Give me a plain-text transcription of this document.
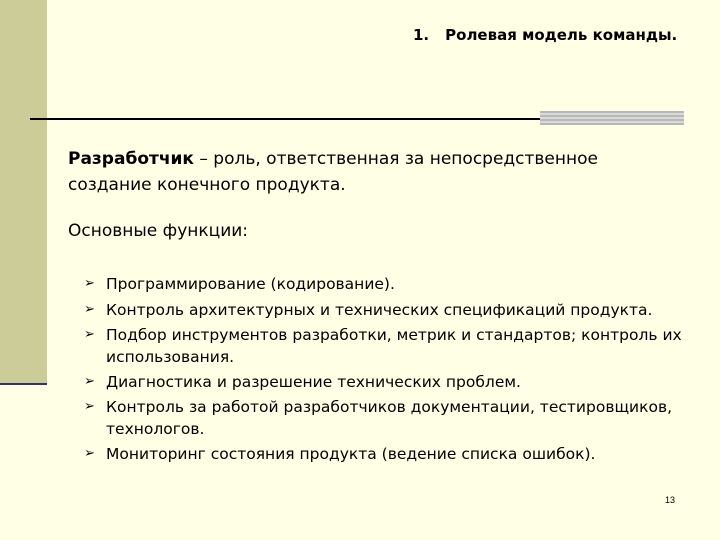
1. Ролевая модель команды.
Разработчик – роль, ответственная за непосредственное создание конечного продукта.
Основные функции:
➢ Программирование (кодирование).
➢ Контроль архитектурных и технических спецификаций продукта.
➢ Подбор инструментов разработки, метрик и стандартов; контроль их использования.
➢ Диагностика и разрешение технических проблем.
➢ Контроль за работой разработчиков документации, тестировщиков, технологов.
➢ Мониторинг состояния продукта (ведение списка ошибок).
13
